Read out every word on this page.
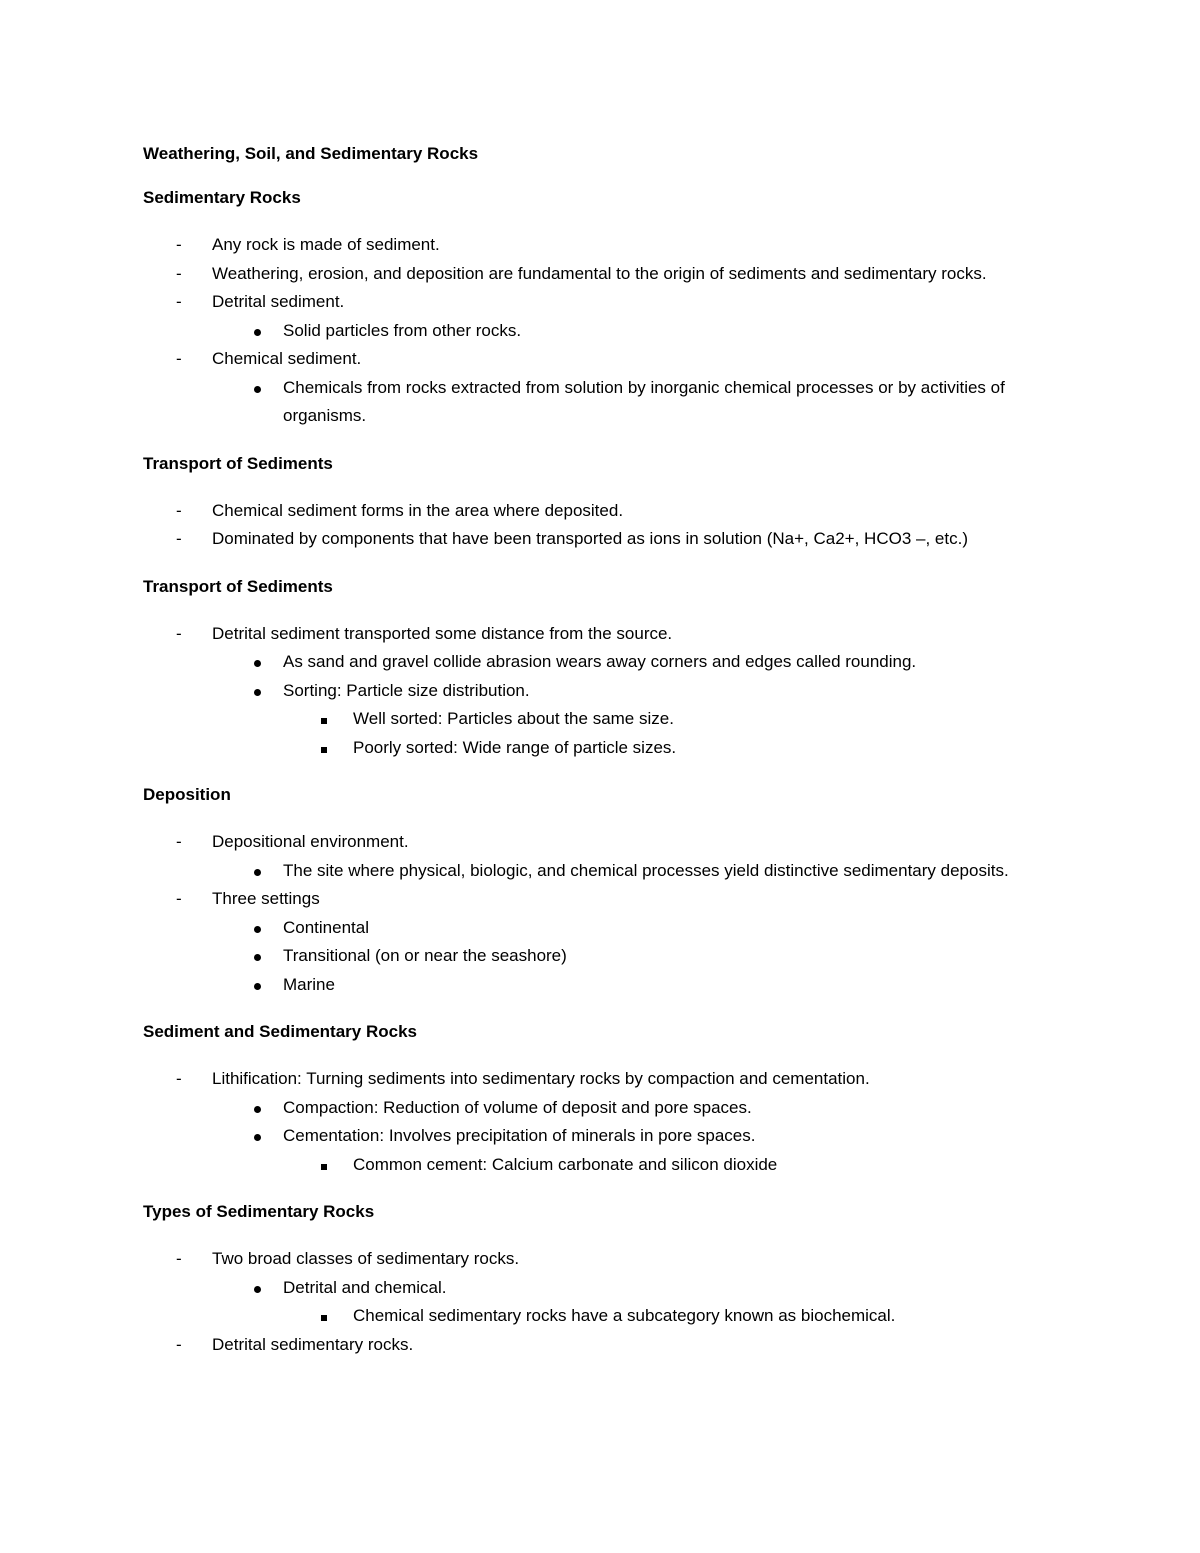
Weathering, Soil, and Sedimentary Rocks
Sedimentary Rocks
-	Any rock is made of sediment.
-	Weathering, erosion, and deposition are fundamental to the origin of sediments and sedimentary rocks.
-	Detrital sediment.
Solid particles from other rocks.
-	Chemical sediment.
Chemicals from rocks extracted from solution by inorganic chemical processes or by activities of organisms.
Transport of Sediments
-	Chemical sediment forms in the area where deposited.
-	Dominated by components that have been transported as ions in solution (Na+, Ca2+, HCO3 –, etc.)
Transport of Sediments
-	Detrital sediment transported some distance from the source.
As sand and gravel collide abrasion wears away corners and edges called rounding.
Sorting: Particle size distribution.
Well sorted: Particles about the same size.
Poorly sorted: Wide range of particle sizes.
Deposition
-	Depositional environment.
The site where physical, biologic, and chemical processes yield distinctive sedimentary deposits.
-	Three settings
Continental
Transitional (on or near the seashore)
Marine
Sediment and Sedimentary Rocks
-	Lithification: Turning sediments into sedimentary rocks by compaction and cementation.
Compaction: Reduction of volume of deposit and pore spaces.
Cementation: Involves precipitation of minerals in pore spaces.
Common cement: Calcium carbonate and silicon dioxide
Types of Sedimentary Rocks
-	Two broad classes of sedimentary rocks.
Detrital and chemical.
Chemical sedimentary rocks have a subcategory known as biochemical.
-	Detrital sedimentary rocks.
